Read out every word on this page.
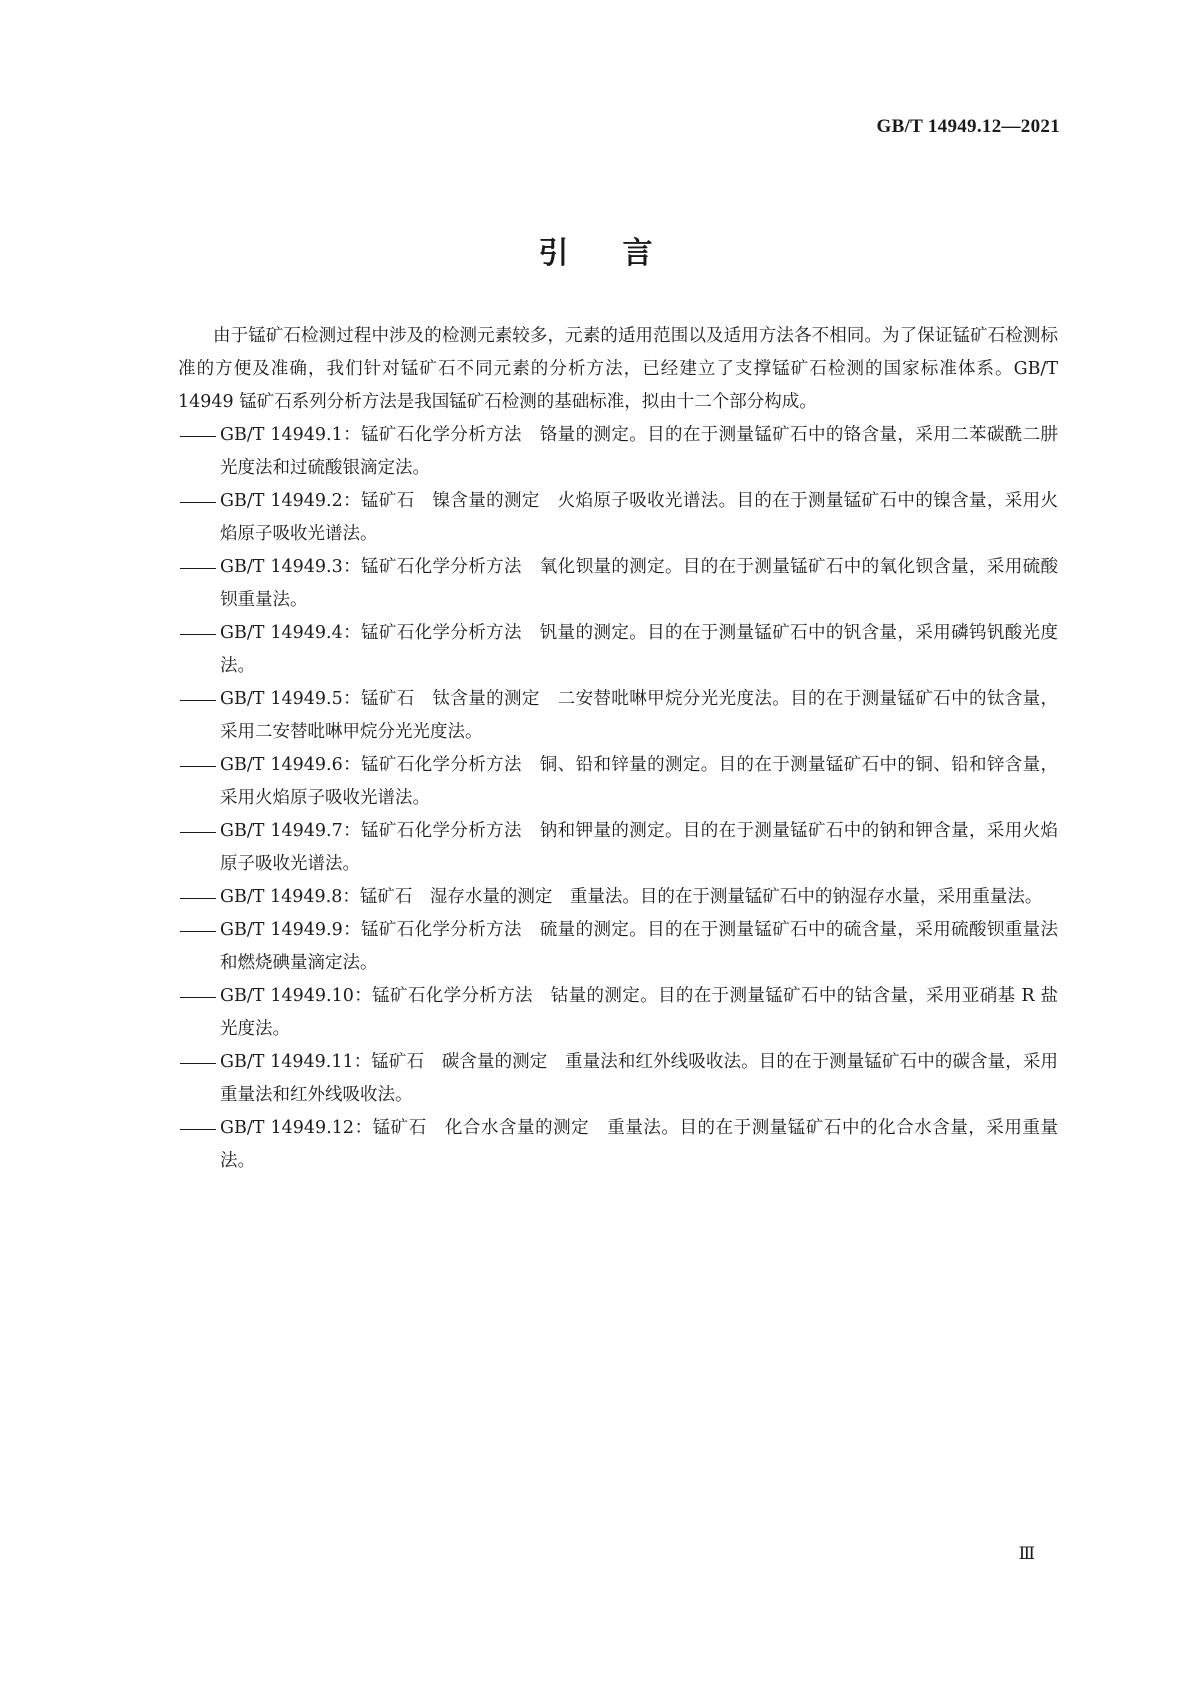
GB/T 14949.12—2021
引言

由于锰矿石检测过程中涉及的检测元素较多，元素的适用范围以及适用方法各不相同。为了保证锰矿石检测标准的方便及准确，我们针对锰矿石不同元素的分析方法，已经建立了支撑锰矿石检测的国家标准体系。GB/T 14949 锰矿石系列分析方法是我国锰矿石检测的基础标准，拟由十二个部分构成。

GB/T 14949.1：锰矿石化学分析方法　铬量的测定。目的在于测量锰矿石中的铬含量，采用二苯碳酰二肼光度法和过硫酸银滴定法。
GB/T 14949.2：锰矿石　镍含量的测定　火焰原子吸收光谱法。目的在于测量锰矿石中的镍含量，采用火焰原子吸收光谱法。
GB/T 14949.3：锰矿石化学分析方法　氧化钡量的测定。目的在于测量锰矿石中的氧化钡含量，采用硫酸钡重量法。
GB/T 14949.4：锰矿石化学分析方法　钒量的测定。目的在于测量锰矿石中的钒含量，采用磷钨钒酸光度法。
GB/T 14949.5：锰矿石　钛含量的测定　二安替吡啉甲烷分光光度法。目的在于测量锰矿石中的钛含量，采用二安替吡啉甲烷分光光度法。
GB/T 14949.6：锰矿石化学分析方法　铜、铅和锌量的测定。目的在于测量锰矿石中的铜、铅和锌含量，采用火焰原子吸收光谱法。
GB/T 14949.7：锰矿石化学分析方法　钠和钾量的测定。目的在于测量锰矿石中的钠和钾含量，采用火焰原子吸收光谱法。
GB/T 14949.8：锰矿石　湿存水量的测定　重量法。目的在于测量锰矿石中的钠湿存水量，采用重量法。
GB/T 14949.9：锰矿石化学分析方法　硫量的测定。目的在于测量锰矿石中的硫含量，采用硫酸钡重量法和燃烧碘量滴定法。
GB/T 14949.10：锰矿石化学分析方法　钴量的测定。目的在于测量锰矿石中的钴含量，采用亚硝基 R 盐光度法。
GB/T 14949.11：锰矿石　碳含量的测定　重量法和红外线吸收法。目的在于测量锰矿石中的碳含量，采用重量法和红外线吸收法。
GB/T 14949.12：锰矿石　化合水含量的测定　重量法。目的在于测量锰矿石中的化合水含量，采用重量法。
Ⅲ
